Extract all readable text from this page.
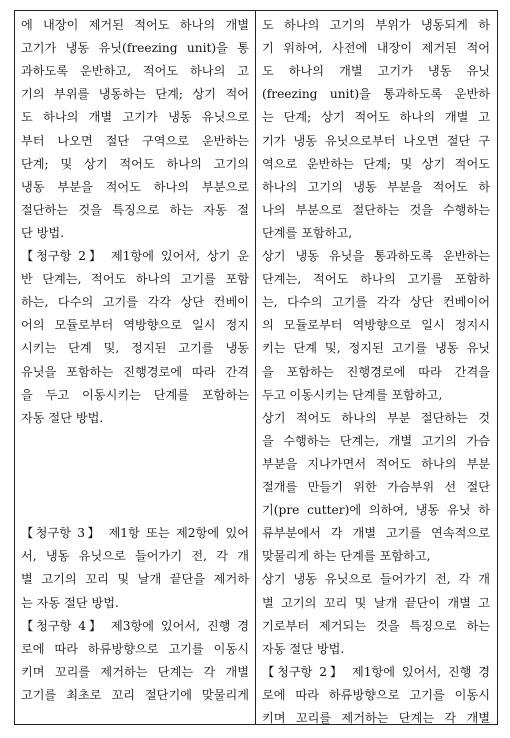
에 내장이 제거된 적어도 하나의 개별
고기가 냉동 유닛(freezing unit)을 통
과하도록 운반하고, 적어도 하나의 고
기의 부위를 냉동하는 단계; 상기 적어
도 하나의 개별 고기가 냉동 유닛으로
부터 나오면 절단 구역으로 운반하는
단계; 및 상기 적어도 하나의 고기의
냉동 부분을 적어도 하나의 부분으로
절단하는 것을 특징으로 하는 자동 절
단 방법.
【청구항 2】 제1항에 있어서, 상기 운
반 단계는, 적어도 하나의 고기를 포함
하는, 다수의 고기를 각각 상단 컨베이
어의 모듈로부터 역방향으로 일시 정지
시키는 단계 및, 정지된 고기를 냉동
유닛을 포함하는 진행경로에 따라 간격
을 두고 이동시키는 단계를 포함하는
자동 절단 방법.
【청구항 3】 제1항 또는 제2항에 있어
서, 냉동 유닛으로 들어가기 전, 각 개
별 고기의 꼬리 및 날개 끝단을 제거하
는 자동 절단 방법.
【청구항 4】 제3항에 있어서, 진행 경
로에 따라 하류방향으로 고기를 이동시
키며 꼬리를 제거하는 단계는 각 개별
고기를 최초로 꼬리 절단기에 맞물리게
도 하나의 고기의 부위가 냉동되게 하
기 위하여, 사전에 내장이 제거된 적어
도 하나의 개별 고기가 냉동 유닛
(freezing unit)을 통과하도록 운반하
는 단계; 상기 적어도 하나의 개별 고
기가 냉동 유닛으로부터 나오면 절단 구
역으로 운반하는 단계; 및 상기 적어도
하나의 고기의 냉동 부분을 적어도 하
나의 부분으로 절단하는 것을 수행하는
단계를 포함하고,
상기 냉동 유닛을 통과하도록 운반하는
단계는, 적어도 하나의 고기를 포함하
는, 다수의 고기를 각각 상단 컨베이어
의 모듈로부터 역방향으로 일시 정지시
키는 단계 및, 정지된 고기를 냉동 유닛
을 포함하는 진행경로에 따라 간격을
두고 이동시키는 단계를 포함하고,
상기 적어도 하나의 부분 절단하는 것
을 수행하는 단계는, 개별 고기의 가슴
부분을 지나가면서 적어도 하나의 부분
절개를 만들기 위한 가슴부위 선 절단
기(pre cutter)에 의하여, 냉동 유닛 하
류부분에서 각 개별 고기를 연속적으로
맞물리게 하는 단계를 포함하고,
상기 냉동 유닛으로 들어가기 전, 각 개
별 고기의 꼬리 및 날개 끝단이 개별 고
기로부터 제거되는 것을 특징으로 하는
자동 절단 방법.
【청구항 2】 제1항에 있어서, 진행 경
로에 따라 하류방향으로 고기를 이동시
키며 꼬리를 제거하는 단계는 각 개별
